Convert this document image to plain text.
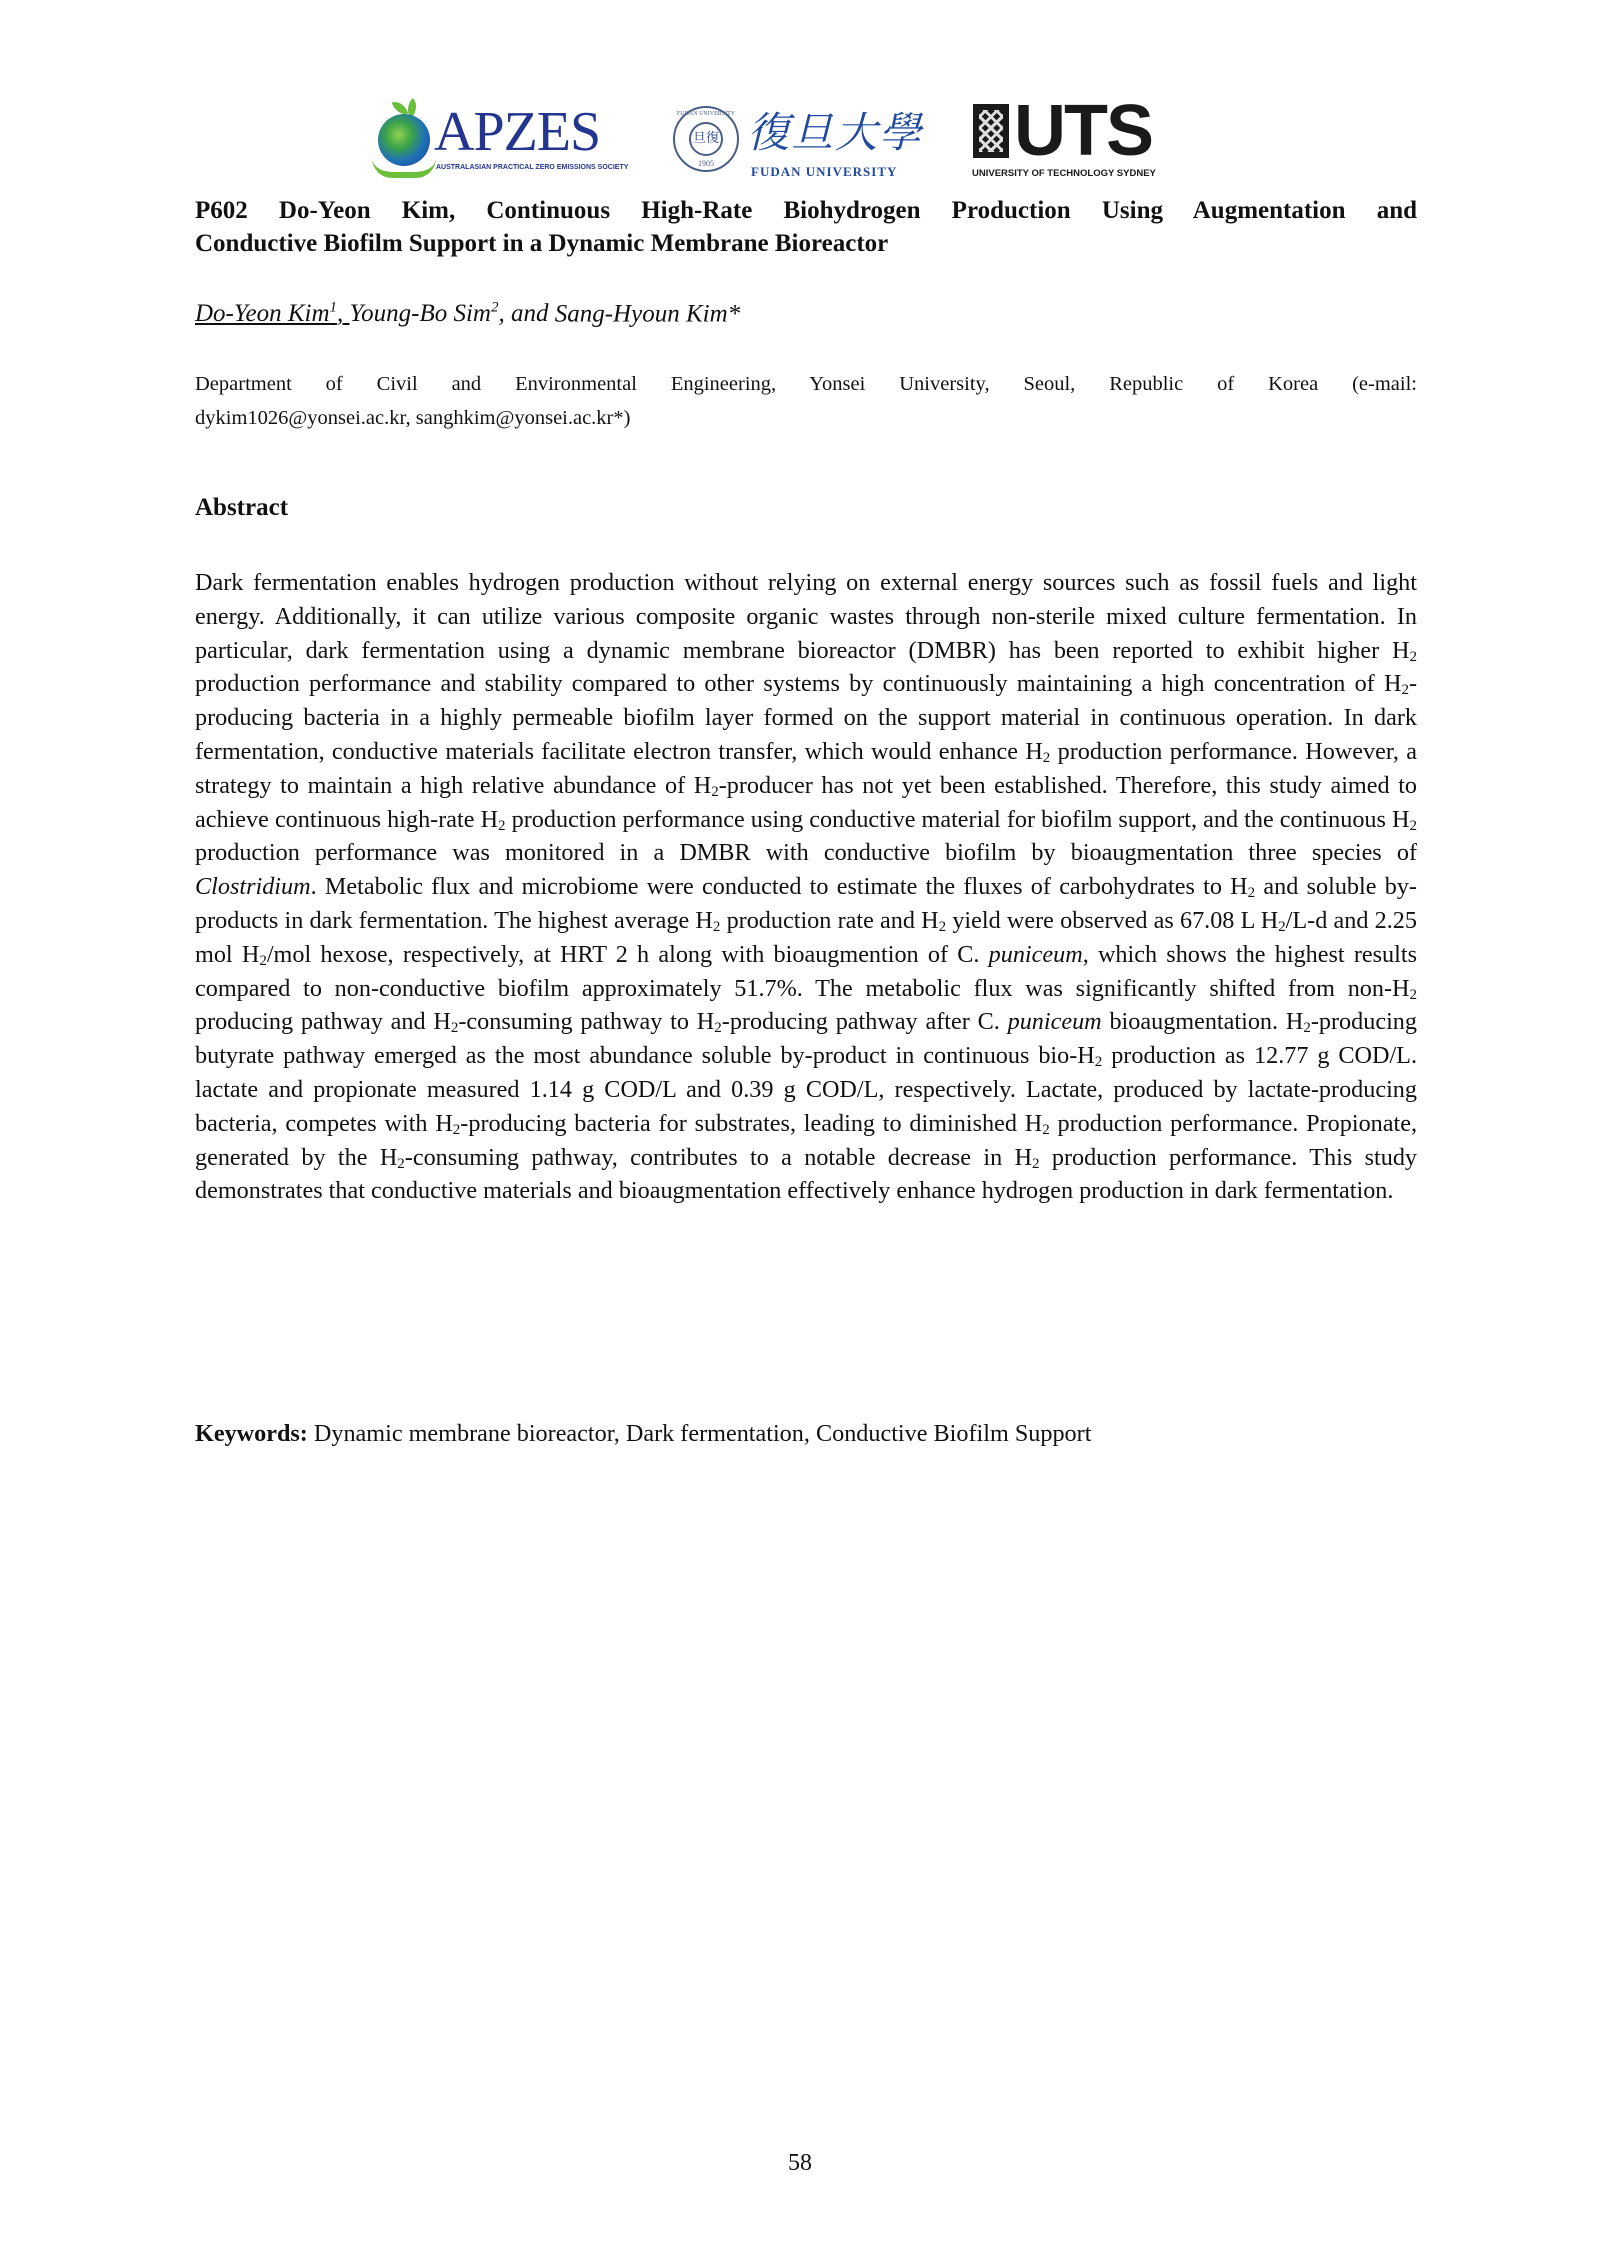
APZES
AUSTRALASIAN PRACTICAL ZERO EMISSIONS SOCIETY
FUDAN UNIVERSITY
旦復
1905
復旦大學
FUDAN UNIVERSITY
UTS
UNIVERSITY OF TECHNOLOGY SYDNEY
P602 Do-Yeon Kim, Continuous High-Rate Biohydrogen Production Using Augmentation and
Conductive Biofilm Support in a Dynamic Membrane Bioreactor
Do-Yeon Kim$^1$, Young-Bo Sim$^2$, and Sang-Hyoun Kim*
Department of Civil and Environmental Engineering, Yonsei University, Seoul, Republic of Korea (e-mail:
dykim1026@yonsei.ac.kr, sanghkim@yonsei.ac.kr*)
Abstract
Dark fermentation enables hydrogen production without relying on external energy sources such as fossil fuels and light energy. Additionally, it can utilize various composite organic wastes through non-sterile mixed culture fermentation. In particular, dark fermentation using a dynamic membrane bioreactor (DMBR) has been reported to exhibit higher $H_2$ production performance and stability compared to other systems by continuously maintaining a high concentration of $H_2$-producing bacteria in a highly permeable biofilm layer formed on the support material in continuous operation. In dark fermentation, conductive materials facilitate electron transfer, which would enhance $H_2$ production performance. However, a strategy to maintain a high relative abundance of $H_2$-producer has not yet been established. Therefore, this study aimed to achieve continuous high-rate $H_2$ production performance using conductive material for biofilm support, and the continuous $H_2$ production performance was monitored in a DMBR with conductive biofilm by bioaugmentation three species of Clostridium. Metabolic flux and microbiome were conducted to estimate the fluxes of carbohydrates to $H_2$ and soluble by-products in dark fermentation. The highest average $H_2$ production rate and $H_2$ yield were observed as 67.08 L $H_2/L-d$ and 2.25 mol $H_2$/mol hexose, respectively, at HRT 2 h along with bioaugmention of C. puniceum, which shows the highest results compared to non-conductive biofilm approximately 51.7%. The metabolic flux was significantly shifted from non-$H_2$ producing pathway and $H_2$-consuming pathway to $H_2$-producing pathway after C. puniceum bioaugmentation. $H_2$-producing butyrate pathway emerged as the most abundance soluble by-product in continuous bio-$H_2$ production as 12.77 g COD/L. lactate and propionate measured 1.14 g COD/L and 0.39 g COD/L, respectively. Lactate, produced by lactate-producing bacteria, competes with $H_2$-producing bacteria for substrates, leading to diminished $H_2$ production performance. Propionate, generated by the $H_2$-consuming pathway, contributes to a notable decrease in $H_2$ production performance. This study demonstrates that conductive materials and bioaugmentation effectively enhance hydrogen production in dark fermentation.
Keywords: Dynamic membrane bioreactor, Dark fermentation, Conductive Biofilm Support
58
